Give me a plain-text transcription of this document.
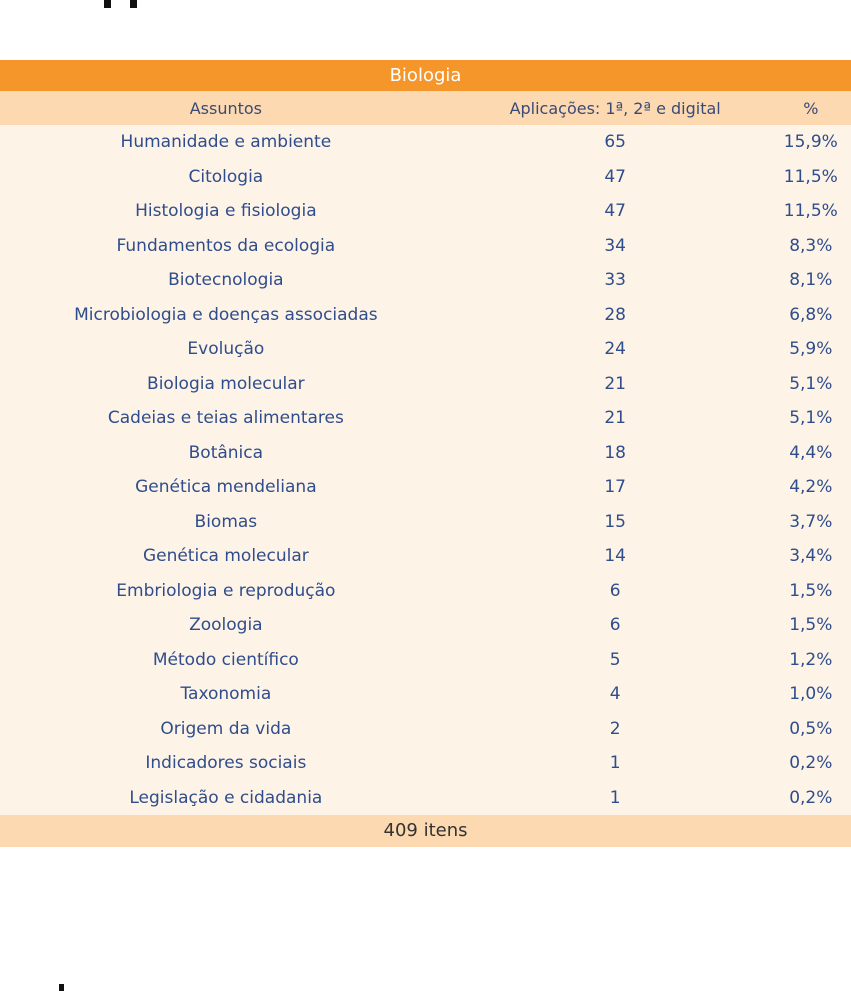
Biologia
Assuntos	Aplicações: 1ª, 2ª e digital	%
Humanidade e ambiente	65	15,9%
Citologia	47	11,5%
Histologia e fisiologia	47	11,5%
Fundamentos da ecologia	34	8,3%
Biotecnologia	33	8,1%
Microbiologia e doenças associadas	28	6,8%
Evolução	24	5,9%
Biologia molecular	21	5,1%
Cadeias e teias alimentares	21	5,1%
Botânica	18	4,4%
Genética mendeliana	17	4,2%
Biomas	15	3,7%
Genética molecular	14	3,4%
Embriologia e reprodução	6	1,5%
Zoologia	6	1,5%
Método científico	5	1,2%
Taxonomia	4	1,0%
Origem da vida	2	0,5%
Indicadores sociais	1	0,2%
Legislação e cidadania	1	0,2%
409 itens
